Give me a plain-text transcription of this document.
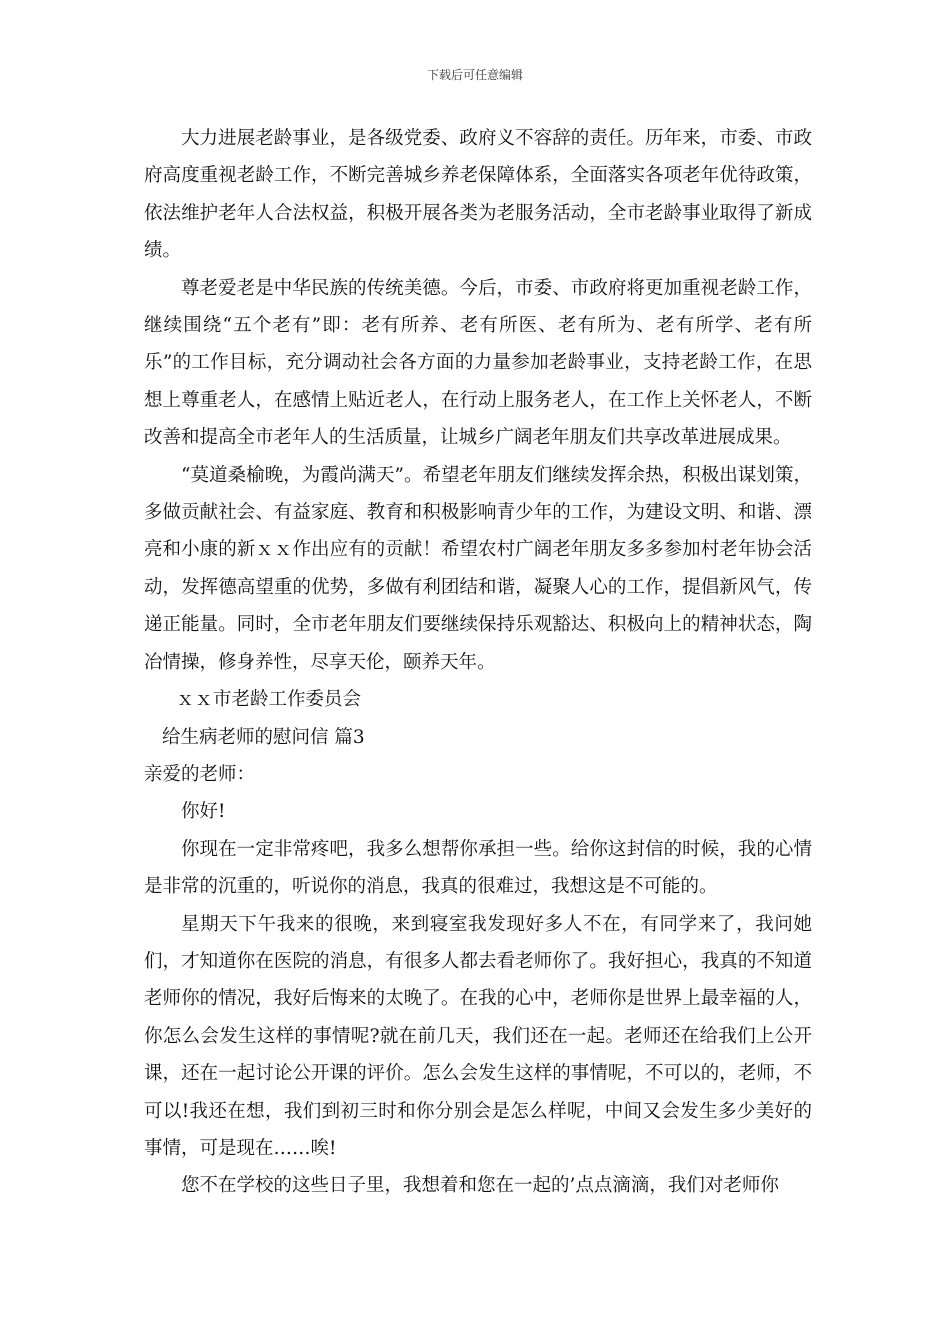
下载后可任意编辑

大力进展老龄事业，是各级党委、政府义不容辞的责任。历年来，市委、市政府高度重视老龄工作，不断完善城乡养老保障体系，全面落实各项老年优待政策，依法维护老年人合法权益，积极开展各类为老服务活动，全市老龄事业取得了新成绩。

尊老爱老是中华民族的传统美德。今后，市委、市政府将更加重视老龄工作，继续围绕“五个老有”即：老有所养、老有所医、老有所为、老有所学、老有所乐”的工作目标，充分调动社会各方面的力量参加老龄事业，支持老龄工作，在思想上尊重老人，在感情上贴近老人，在行动上服务老人，在工作上关怀老人，不断改善和提高全市老年人的生活质量，让城乡广阔老年朋友们共享改革进展成果。

“莫道桑榆晚，为霞尚满天”。希望老年朋友们继续发挥余热，积极出谋划策，多做贡献社会、有益家庭、教育和积极影响青少年的工作，为建设文明、和谐、漂亮和小康的新ｘｘ作出应有的贡献！希望农村广阔老年朋友多多参加村老年协会活动，发挥德高望重的优势，多做有利团结和谐，凝聚人心的工作，提倡新风气，传递正能量。同时，全市老年朋友们要继续保持乐观豁达、积极向上的精神状态，陶冶情操，修身养性，尽享天伦，颐养天年。

ｘｘ市老龄工作委员会

给生病老师的慰问信 篇3

亲爱的老师：

你好!

你现在一定非常疼吧，我多么想帮你承担一些。给你这封信的时候，我的心情是非常的沉重的，听说你的消息，我真的很难过，我想这是不可能的。

星期天下午我来的很晚，来到寝室我发现好多人不在，有同学来了，我问她们，才知道你在医院的消息，有很多人都去看老师你了。我好担心，我真的不知道老师你的情况，我好后悔来的太晚了。在我的心中，老师你是世界上最幸福的人，你怎么会发生这样的事情呢?就在前几天，我们还在一起。老师还在给我们上公开课，还在一起讨论公开课的评价。怎么会发生这样的事情呢，不可以的，老师，不可以!我还在想，我们到初三时和你分别会是怎么样呢，中间又会发生多少美好的事情，可是现在……唉!

您不在学校的这些日子里，我想着和您在一起的’点点滴滴，我们对老师你
